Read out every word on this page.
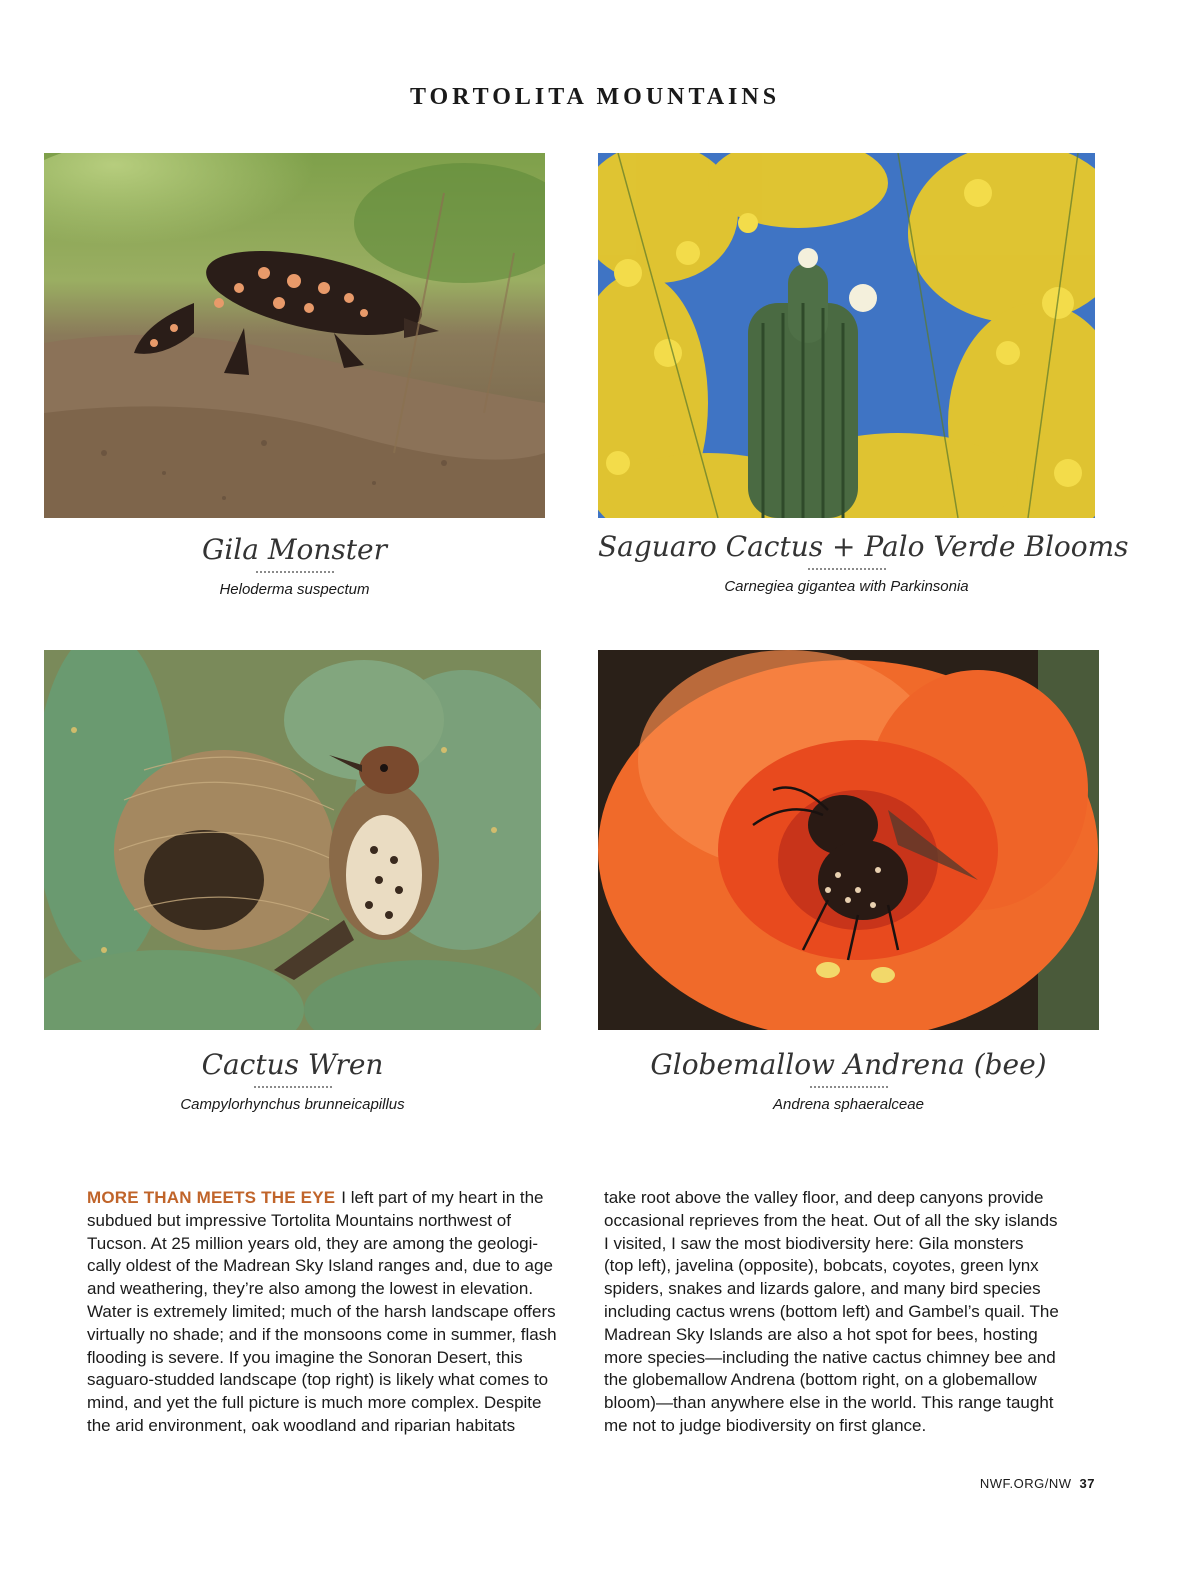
TORTOLITA MOUNTAINS
Gila Monster
Heloderma suspectum
Saguaro Cactus + Palo Verde Blooms
Carnegiea gigantea with Parkinsonia
Cactus Wren
Campylorhynchus brunneicapillus
Globemallow Andrena (bee)
Andrena sphaeralceae
MORE THAN MEETS THE EYE I left part of my heart in the
subdued but impressive Tortolita Mountains northwest of
Tucson. At 25 million years old, they are among the geologi-
cally oldest of the Madrean Sky Island ranges and, due to age
and weathering, they’re also among the lowest in elevation.
Water is extremely limited; much of the harsh landscape offers
virtually no shade; and if the monsoons come in summer, flash
flooding is severe. If you imagine the Sonoran Desert, this
saguaro-studded landscape (top right) is likely what comes to
mind, and yet the full picture is much more complex. Despite
the arid environment, oak woodland and riparian habitats
take root above the valley floor, and deep canyons provide
occasional reprieves from the heat. Out of all the sky islands
I visited, I saw the most biodiversity here: Gila monsters
(top left), javelina (opposite), bobcats, coyotes, green lynx
spiders, snakes and lizards galore, and many bird species
including cactus wrens (bottom left) and Gambel’s quail. The
Madrean Sky Islands are also a hot spot for bees, hosting
more species—including the native cactus chimney bee and
the globemallow Andrena (bottom right, on a globemallow
bloom)—than anywhere else in the world. This range taught
me not to judge biodiversity on first glance.
NWF.ORG/NW 37
